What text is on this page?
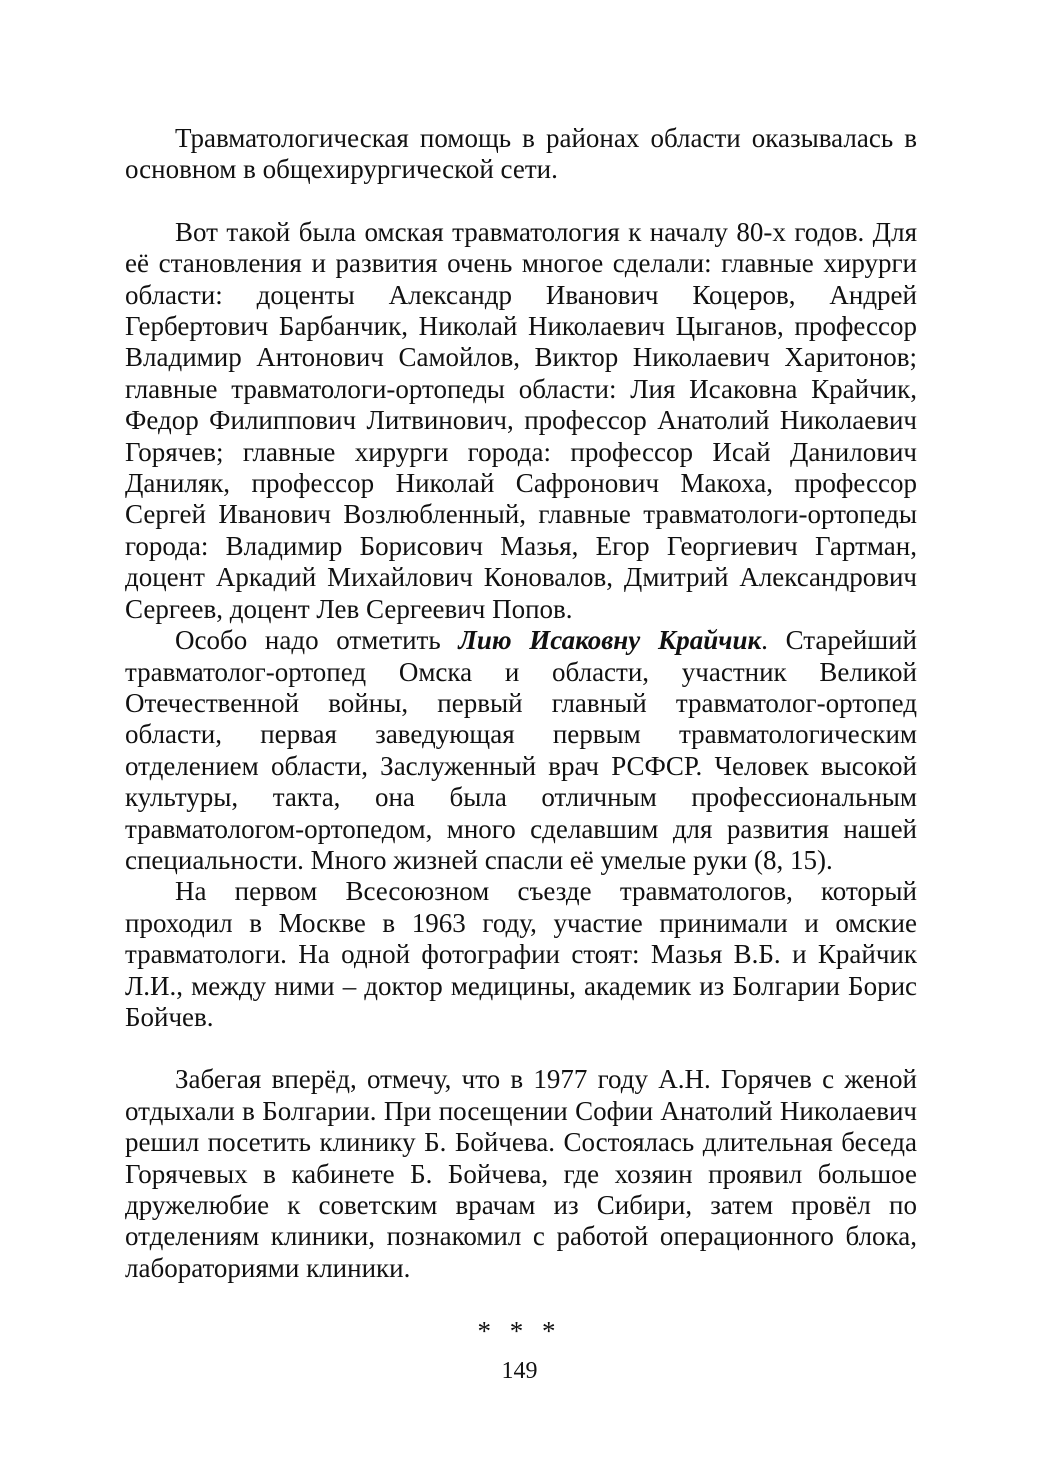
Травматологическая помощь в районах области оказывалась в основном в общехирургической сети.

Вот такой была омская травматология к началу 80-х годов. Для её становления и развития очень многое сделали: главные хирурги области: доценты Александр Иванович Коцеров, Андрей Гербертович Барбанчик, Николай Николаевич Цыганов, профессор Владимир Антонович Самойлов, Виктор Николаевич Харитонов; главные травматологи-ортопеды области: Лия Исаковна Крайчик, Федор Филиппович Литвинович, профессор Анатолий Николаевич Горячев; главные хирурги города: профессор Исай Данилович Даниляк, профессор Николай Сафронович Макоха, профессор Сергей Иванович Возлюбленный, главные травматологи-ортопеды города: Владимир Борисович Мазья, Егор Георгиевич Гартман, доцент Аркадий Михайлович Коновалов, Дмитрий Александрович Сергеев, доцент Лев Сергеевич Попов.

Особо надо отметить Лию Исаковну Крайчик. Старейший травматолог-ортопед Омска и области, участник Великой Отечественной войны, первый главный травматолог-ортопед области, первая заведующая первым травматологическим отделением области, Заслуженный врач РСФСР. Человек высокой культуры, такта, она была отличным профессиональным травматологом-ортопедом, много сделавшим для развития нашей специальности. Много жизней спасли её умелые руки (8, 15).

На первом Всесоюзном съезде травматологов, который проходил в Москве в 1963 году, участие принимали и омские травматологи. На одной фотографии стоят: Мазья В.Б. и Крайчик Л.И., между ними – доктор медицины, академик из Болгарии Борис Бойчев.

Забегая вперёд, отмечу, что в 1977 году А.Н. Горячев с женой отдыхали в Болгарии. При посещении Софии Анатолий Николаевич решил посетить клинику Б. Бойчева. Состоялась длительная беседа Горячевых в кабинете Б. Бойчева, где хозяин проявил большое дружелюбие к советским врачам из Сибири, затем провёл по отделениям клиники, познакомил с работой операционного блока, лабораториями клиники.

* * *

149
